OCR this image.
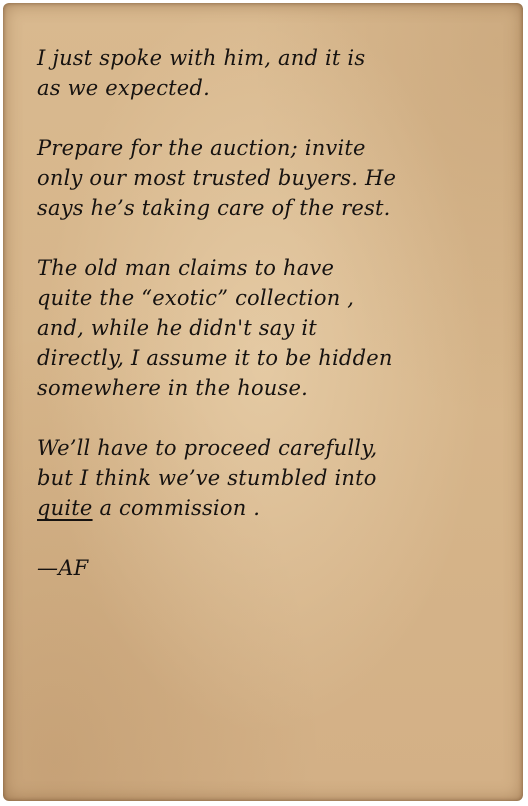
I just spoke with him, and it is
as we expected.
Prepare for the auction; invite
only our most trusted buyers. He
says he’s taking care of the rest.
The old man claims to have
quite the “exotic” collection ,
and, while he didn't say it
directly, I assume it to be hidden
somewhere in the house.
We’ll have to proceed carefully,
but I think we’ve stumbled into
quite a commission .

—AF
